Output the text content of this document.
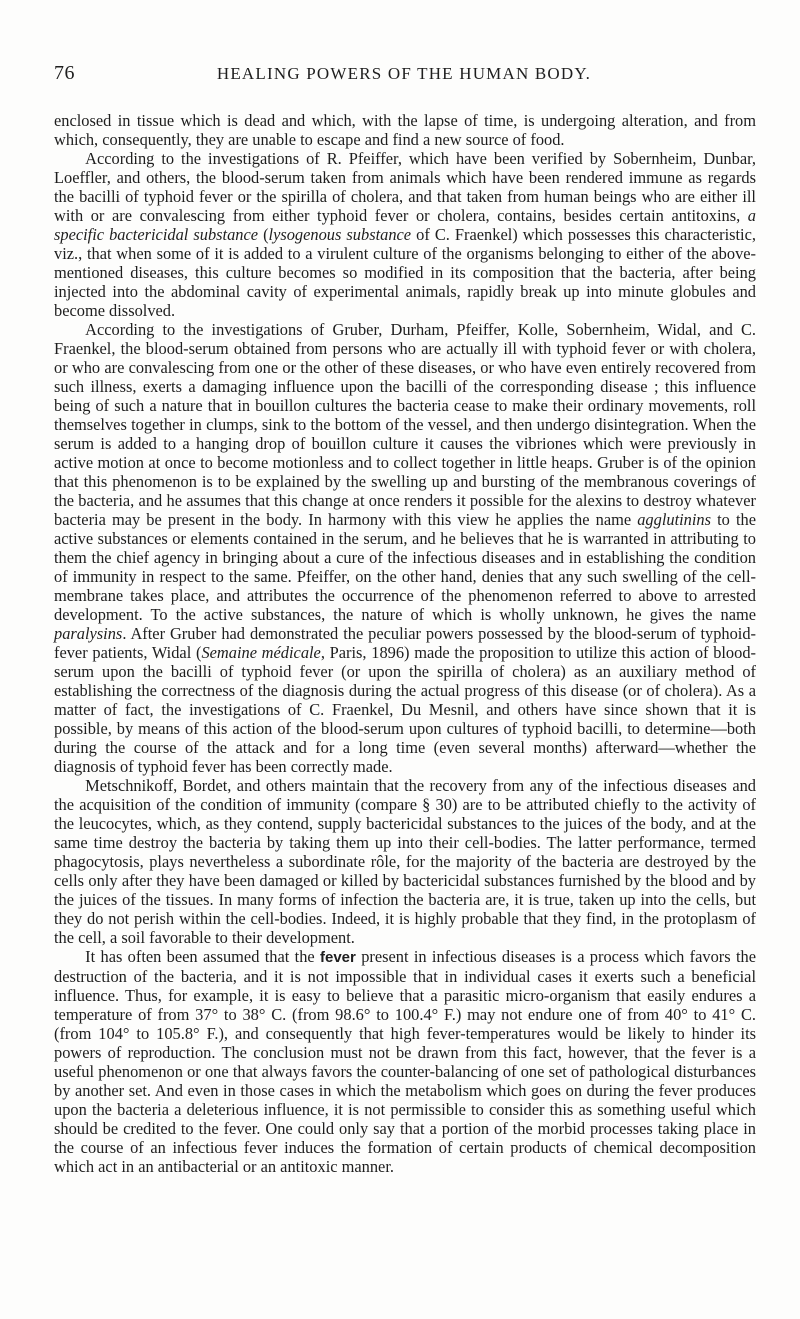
76	HEALING POWERS OF THE HUMAN BODY.

enclosed in tissue which is dead and which, with the lapse of time, is undergoing alteration, and from which, consequently, they are unable to escape and find a new source of food.

According to the investigations of R. Pfeiffer, which have been verified by Sobernheim, Dunbar, Loeffler, and others, the blood-serum taken from animals which have been rendered immune as regards the bacilli of typhoid fever or the spirilla of cholera, and that taken from human beings who are either ill with or are convalescing from either typhoid fever or cholera, contains, besides certain antitoxins, a specific bactericidal substance (lysogenous substance of C. Fraenkel) which possesses this characteristic, viz., that when some of it is added to a virulent culture of the organisms belonging to either of the above-mentioned diseases, this culture becomes so modified in its composition that the bacteria, after being injected into the abdominal cavity of experimental animals, rapidly break up into minute globules and become dissolved.

According to the investigations of Gruber, Durham, Pfeiffer, Kolle, Sobernheim, Widal, and C. Fraenkel, the blood-serum obtained from persons who are actually ill with typhoid fever or with cholera, or who are convalescing from one or the other of these diseases, or who have even entirely recovered from such illness, exerts a damaging influence upon the bacilli of the corresponding disease ; this influence being of such a nature that in bouillon cultures the bacteria cease to make their ordinary movements, roll themselves together in clumps, sink to the bottom of the vessel, and then undergo disintegration. When the serum is added to a hanging drop of bouillon culture it causes the vibriones which were previously in active motion at once to become motionless and to collect together in little heaps. Gruber is of the opinion that this phenomenon is to be explained by the swelling up and bursting of the membranous coverings of the bacteria, and he assumes that this change at once renders it possible for the alexins to destroy whatever bacteria may be present in the body. In harmony with this view he applies the name agglutinins to the active substances or elements contained in the serum, and he believes that he is warranted in attributing to them the chief agency in bringing about a cure of the infectious diseases and in establishing the condition of immunity in respect to the same. Pfeiffer, on the other hand, denies that any such swelling of the cell-membrane takes place, and attributes the occurrence of the phenomenon referred to above to arrested development. To the active substances, the nature of which is wholly unknown, he gives the name paralysins. After Gruber had demonstrated the peculiar powers possessed by the blood-serum of typhoid-fever patients, Widal (Semaine médicale, Paris, 1896) made the proposition to utilize this action of blood-serum upon the bacilli of typhoid fever (or upon the spirilla of cholera) as an auxiliary method of establishing the correctness of the diagnosis during the actual progress of this disease (or of cholera). As a matter of fact, the investigations of C. Fraenkel, Du Mesnil, and others have since shown that it is possible, by means of this action of the blood-serum upon cultures of typhoid bacilli, to determine—both during the course of the attack and for a long time (even several months) afterward—whether the diagnosis of typhoid fever has been correctly made.

Metschnikoff, Bordet, and others maintain that the recovery from any of the infectious diseases and the acquisition of the condition of immunity (compare § 30) are to be attributed chiefly to the activity of the leucocytes, which, as they contend, supply bactericidal substances to the juices of the body, and at the same time destroy the bacteria by taking them up into their cell-bodies. The latter performance, termed phagocytosis, plays nevertheless a subordinate rôle, for the majority of the bacteria are destroyed by the cells only after they have been damaged or killed by bactericidal substances furnished by the blood and by the juices of the tissues. In many forms of infection the bacteria are, it is true, taken up into the cells, but they do not perish within the cell-bodies. Indeed, it is highly probable that they find, in the protoplasm of the cell, a soil favorable to their development.

It has often been assumed that the fever present in infectious diseases is a process which favors the destruction of the bacteria, and it is not impossible that in individual cases it exerts such a beneficial influence. Thus, for example, it is easy to believe that a parasitic micro-organism that easily endures a temperature of from 37° to 38° C. (from 98.6° to 100.4° F.) may not endure one of from 40° to 41° C. (from 104° to 105.8° F.), and consequently that high fever-temperatures would be likely to hinder its powers of reproduction. The conclusion must not be drawn from this fact, however, that the fever is a useful phenomenon or one that always favors the counter-balancing of one set of pathological disturbances by another set. And even in those cases in which the metabolism which goes on during the fever produces upon the bacteria a deleterious influence, it is not permissible to consider this as something useful which should be credited to the fever. One could only say that a portion of the morbid processes taking place in the course of an infectious fever induces the formation of certain products of chemical decomposition which act in an antibacterial or an antitoxic manner.
